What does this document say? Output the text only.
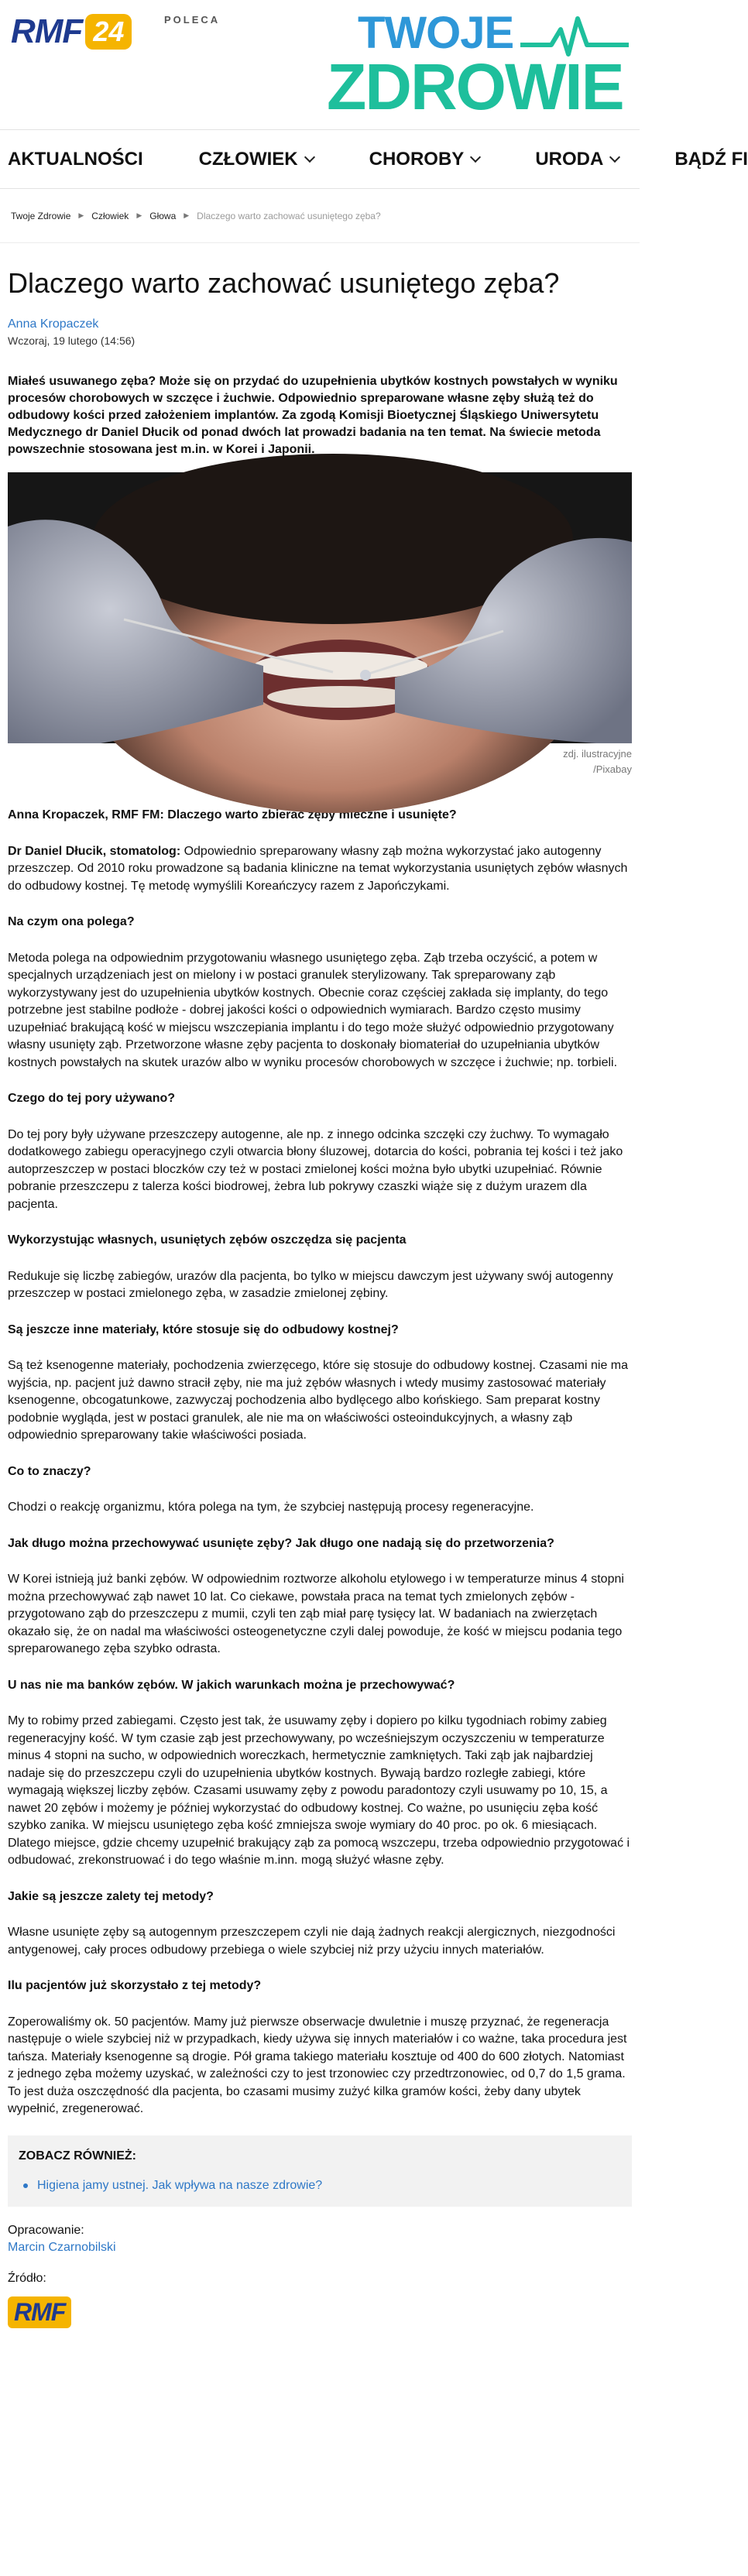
RMF 24	POLECA	TWOJE
ZDROWIE
AKTUALNOŚCI	CZŁOWIEK	CHOROBY	URODA	BĄDŹ FI
Twoje Zdrowie ▶ Człowiek ▶ Głowa ▶ Dlaczego warto zachować usuniętego zęba?
Dlaczego warto zachować usuniętego zęba?
Anna Kropaczek
Wczoraj, 19 lutego (14:56)

Miałeś usuwanego zęba? Może się on przydać do uzupełnienia ubytków kostnych powstałych w wyniku procesów chorobowych w szczęce i żuchwie. Odpowiednio spreparowane własne zęby służą też do odbudowy kości przed założeniem implantów. Za zgodą Komisji Bioetycznej Śląskiego Uniwersytetu Medycznego dr Daniel Dłucik od ponad dwóch lat prowadzi badania na ten temat. Na świecie metoda powszechnie stosowana jest m.in. w Korei i Japonii.

zdj. ilustracyjne
/Pixabay

Anna Kropaczek, RMF FM: Dlaczego warto zbierać zęby mleczne i usunięte?

Dr Daniel Dłucik, stomatolog: Odpowiednio spreparowany własny ząb można wykorzystać jako autogenny przeszczep. Od 2010 roku prowadzone są badania kliniczne na temat wykorzystania usuniętych zębów własnych do odbudowy kostnej. Tę metodę wymyślili Koreańczycy razem z Japończykami.

Na czym ona polega?

Metoda polega na odpowiednim przygotowaniu własnego usuniętego zęba. Ząb trzeba oczyścić, a potem w specjalnych urządzeniach jest on mielony i w postaci granulek sterylizowany. Tak spreparowany ząb wykorzystywany jest do uzupełnienia ubytków kostnych. Obecnie coraz częściej zakłada się implanty, do tego potrzebne jest stabilne podłoże - dobrej jakości kości o odpowiednich wymiarach. Bardzo często musimy uzupełniać brakującą kość w miejscu wszczepiania implantu i do tego może służyć odpowiednio przygotowany własny usunięty ząb. Przetworzone własne zęby pacjenta to doskonały biomateriał do uzupełniania ubytków kostnych powstałych na skutek urazów albo w wyniku procesów chorobowych w szczęce i żuchwie; np. torbieli.

Czego do tej pory używano?

Do tej pory były używane przeszczepy autogenne, ale np. z innego odcinka szczęki czy żuchwy. To wymagało dodatkowego zabiegu operacyjnego czyli otwarcia błony śluzowej, dotarcia do kości, pobrania tej kości i też jako autoprzeszczep w postaci bloczków czy też w postaci zmielonej kości można było ubytki uzupełniać. Równie pobranie przeszczepu z talerza kości biodrowej, żebra lub pokrywy czaszki wiąże się z dużym urazem dla pacjenta.

Wykorzystując własnych, usuniętych zębów oszczędza się pacjenta

Redukuje się liczbę zabiegów, urazów dla pacjenta, bo tylko w miejscu dawczym jest używany swój autogenny przeszczep w postaci zmielonego zęba, w zasadzie zmielonej zębiny.

Są jeszcze inne materiały, które stosuje się do odbudowy kostnej?

Są też ksenogenne materiały, pochodzenia zwierzęcego, które się stosuje do odbudowy kostnej. Czasami nie ma wyjścia, np. pacjent już dawno stracił zęby, nie ma już zębów własnych i wtedy musimy zastosować materiały ksenogenne, obcogatunkowe, zazwyczaj pochodzenia albo bydlęcego albo końskiego. Sam preparat kostny podobnie wygląda, jest w postaci granulek, ale nie ma on właściwości osteoindukcyjnych, a własny ząb odpowiednio spreparowany takie właściwości posiada.

Co to znaczy?

Chodzi o reakcję organizmu, która polega na tym, że szybciej następują procesy regeneracyjne.

Jak długo można przechowywać usunięte zęby? Jak długo one nadają się do przetworzenia?

W Korei istnieją już banki zębów. W odpowiednim roztworze alkoholu etylowego i w temperaturze minus 4 stopni można przechowywać ząb nawet 10 lat. Co ciekawe, powstała praca na temat tych zmielonych zębów - przygotowano ząb do przeszczepu z mumii, czyli ten ząb miał parę tysięcy lat. W badaniach na zwierzętach okazało się, że on nadal ma właściwości osteogenetyczne czyli dalej powoduje, że kość w miejscu podania tego spreparowanego zęba szybko odrasta.

U nas nie ma banków zębów. W jakich warunkach można je przechowywać?

My to robimy przed zabiegami. Często jest tak, że usuwamy zęby i dopiero po kilku tygodniach robimy zabieg regeneracyjny kość. W tym czasie ząb jest przechowywany, po wcześniejszym oczyszczeniu w temperaturze minus 4 stopni na sucho, w odpowiednich woreczkach, hermetycznie zamkniętych. Taki ząb jak najbardziej nadaje się do przeszczepu czyli do uzupełnienia ubytków kostnych. Bywają bardzo rozległe zabiegi, które wymagają większej liczby zębów. Czasami usuwamy zęby z powodu paradontozy czyli usuwamy po 10, 15, a nawet 20 zębów i możemy je później wykorzystać do odbudowy kostnej. Co ważne, po usunięciu zęba kość szybko zanika. W miejscu usuniętego zęba kość zmniejsza swoje wymiary do 40 proc. po ok. 6 miesiącach. Dlatego miejsce, gdzie chcemy uzupełnić brakujący ząb za pomocą wszczepu, trzeba odpowiednio przygotować i odbudować, zrekonstruować i do tego właśnie m.inn. mogą służyć własne zęby.

Jakie są jeszcze zalety tej metody?

Własne usunięte zęby są autogennym przeszczepem czyli nie dają żadnych reakcji alergicznych, niezgodności antygenowej, cały proces odbudowy przebiega o wiele szybciej niż przy użyciu innych materiałów.

Ilu pacjentów już skorzystało z tej metody?

Zoperowaliśmy ok. 50 pacjentów. Mamy już pierwsze obserwacje dwuletnie i muszę przyznać, że regeneracja następuje o wiele szybciej niż w przypadkach, kiedy używa się innych materiałów i co ważne, taka procedura jest tańsza. Materiały ksenogenne są drogie. Pół grama takiego materiału kosztuje od 400 do 600 złotych. Natomiast z jednego zęba możemy uzyskać, w zależności czy to jest trzonowiec czy przedtrzonowiec, od 0,7 do 1,5 grama. To jest duża oszczędność dla pacjenta, bo czasami musimy zużyć kilka gramów kości, żeby dany ubytek wypełnić, zregenerować.

ZOBACZ RÓWNIEŻ:
Higiena jamy ustnej. Jak wpływa na nasze zdrowie?
Opracowanie:
Marcin Czarnobilski
Źródło:
RMF
